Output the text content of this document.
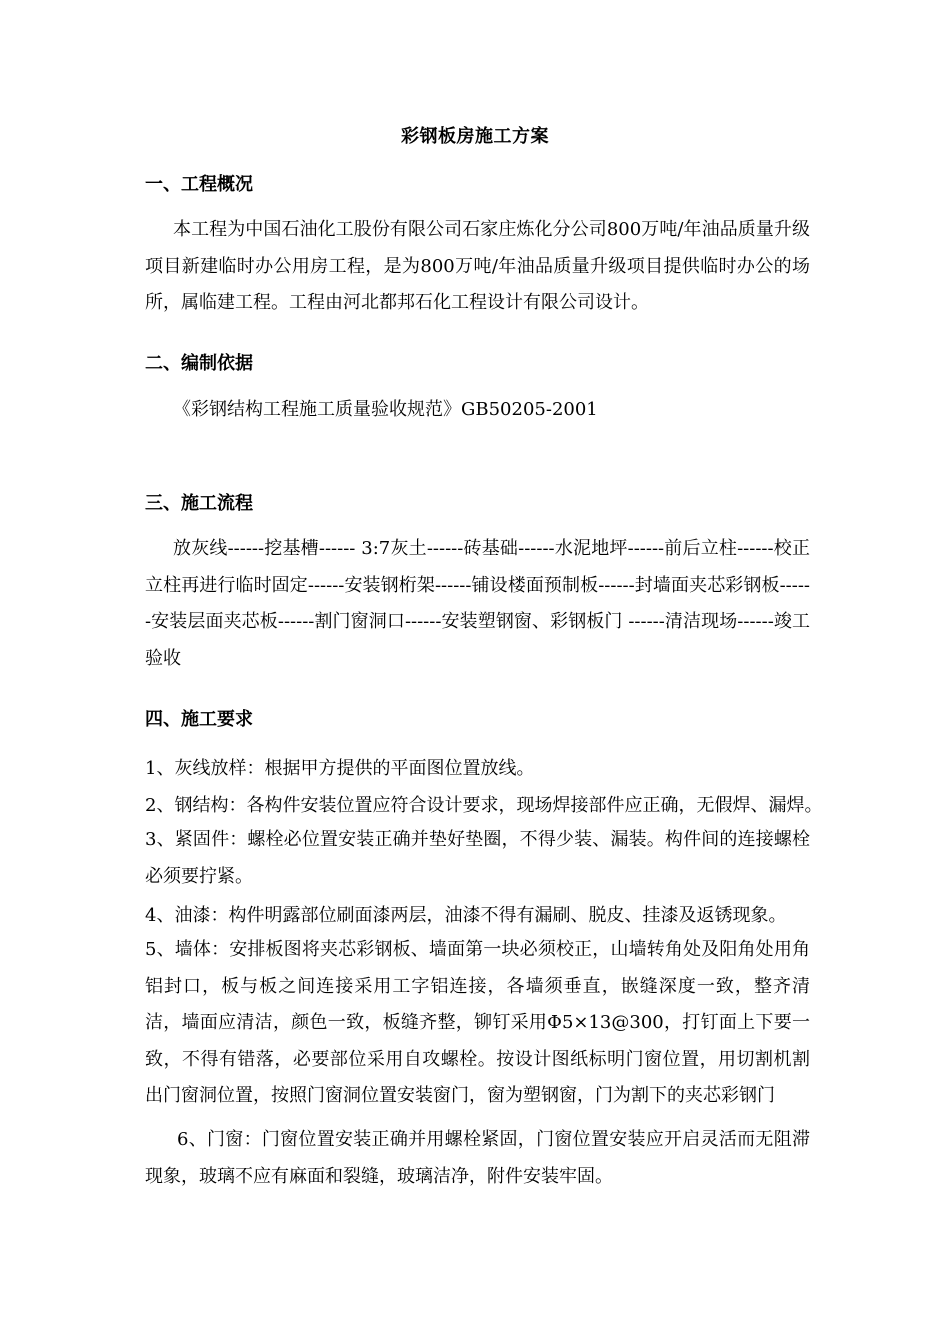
彩钢板房施工方案
一、工程概况
本工程为中国石油化工股份有限公司石家庄炼化分公司800万吨/年油品质量升级项目新建临时办公用房工程，是为800万吨/年油品质量升级项目提供临时办公的场所，属临建工程。工程由河北都邦石化工程设计有限公司设计。
二、编制依据
《彩钢结构工程施工质量验收规范》GB50205-2001
三、施工流程
放灰线------挖基槽------ 3:7灰土------砖基础------水泥地坪------前后立柱------校正立柱再进行临时固定------安装钢桁架------铺设楼面预制板------封墙面夹芯彩钢板------安装层面夹芯板------割门窗洞口------安装塑钢窗、彩钢板门 ------清洁现场------竣工验收
四、施工要求
1、灰线放样：根据甲方提供的平面图位置放线。
2、钢结构：各构件安装位置应符合设计要求，现场焊接部件应正确，无假焊、漏焊。
3、紧固件：螺栓必位置安装正确并垫好垫圈，不得少装、漏装。构件间的连接螺栓必须要拧紧。
4、油漆：构件明露部位刷面漆两层，油漆不得有漏刷、脱皮、挂漆及返锈现象。
5、墙体：安排板图将夹芯彩钢板、墙面第一块必须校正，山墙转角处及阳角处用角铝封口，板与板之间连接采用工字铝连接，各墙须垂直，嵌缝深度一致，整齐清洁，墙面应清洁，颜色一致，板缝齐整，铆钉采用Φ5×13@300，打钉面上下要一致，不得有错落，必要部位采用自攻螺栓。按设计图纸标明门窗位置，用切割机割出门窗洞位置，按照门窗洞位置安装窗门，窗为塑钢窗，门为割下的夹芯彩钢门
6、门窗：门窗位置安装正确并用螺栓紧固，门窗位置安装应开启灵活而无阻滞现象，玻璃不应有麻面和裂缝，玻璃洁净，附件安装牢固。
